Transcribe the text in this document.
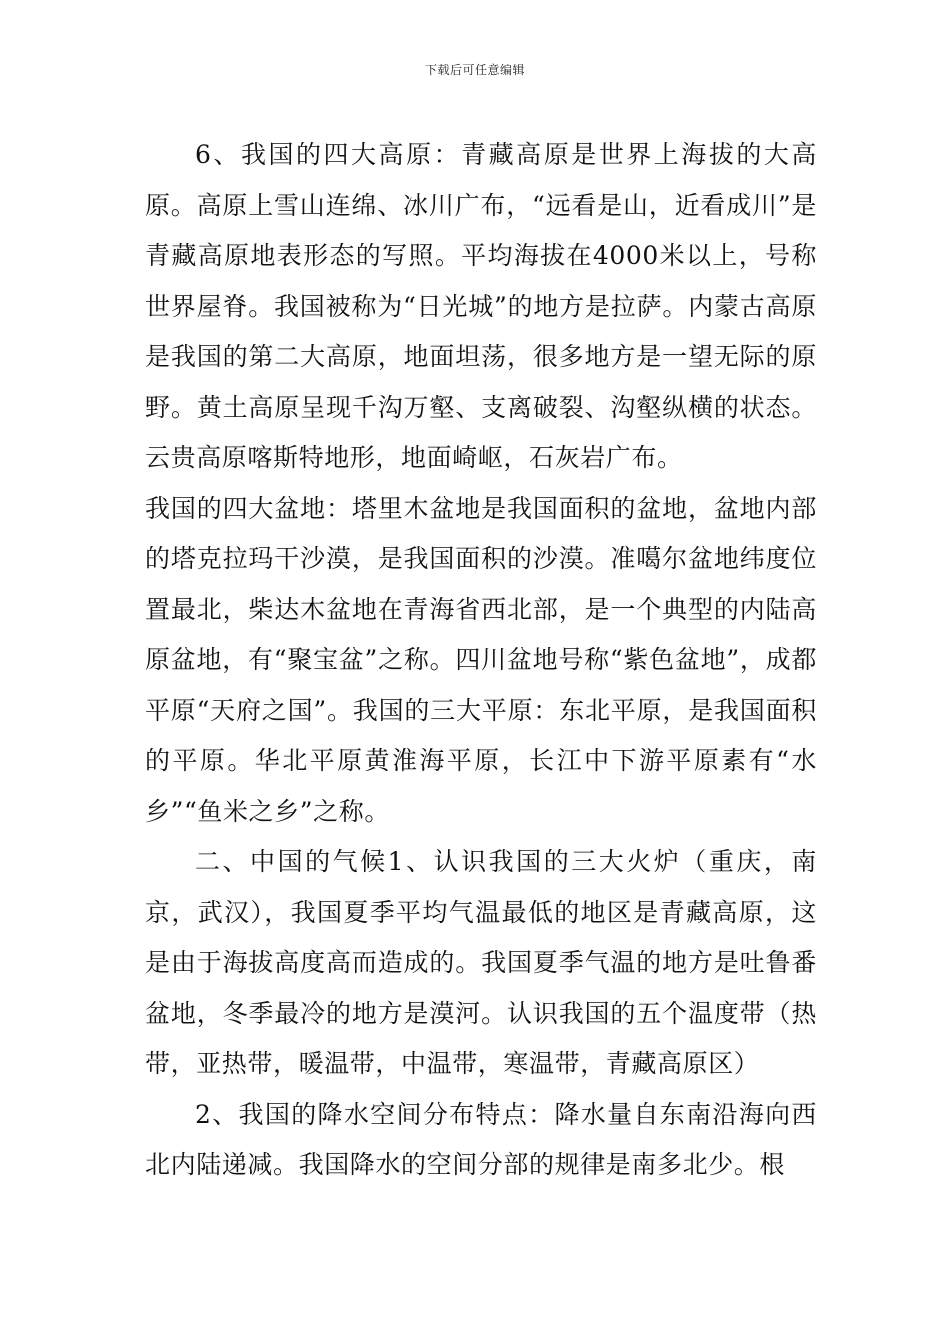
下载后可任意编辑

6、我国的四大高原：青藏高原是世界上海拔的大高原。高原上雪山连绵、冰川广布，“远看是山，近看成川”是青藏高原地表形态的写照。平均海拔在4000米以上，号称世界屋脊。我国被称为“日光城”的地方是拉萨。内蒙古高原是我国的第二大高原，地面坦荡，很多地方是一望无际的原野。黄土高原呈现千沟万壑、支离破裂、沟壑纵横的状态。云贵高原喀斯特地形，地面崎岖，石灰岩广布。

我国的四大盆地：塔里木盆地是我国面积的盆地，盆地内部的塔克拉玛干沙漠，是我国面积的沙漠。准噶尔盆地纬度位置最北，柴达木盆地在青海省西北部，是一个典型的内陆高原盆地，有“聚宝盆”之称。四川盆地号称“紫色盆地”，成都平原“天府之国”。我国的三大平原：东北平原，是我国面积的平原。华北平原黄淮海平原，长江中下游平原素有“水乡”“鱼米之乡”之称。

二、中国的气候1、认识我国的三大火炉（重庆，南京，武汉），我国夏季平均气温最低的地区是青藏高原，这是由于海拔高度高而造成的。我国夏季气温的地方是吐鲁番盆地，冬季最冷的地方是漠河。认识我国的五个温度带（热带，亚热带，暖温带，中温带，寒温带，青藏高原区）

2、我国的降水空间分布特点：降水量自东南沿海向西北内陆递减。我国降水的空间分部的规律是南多北少。根
